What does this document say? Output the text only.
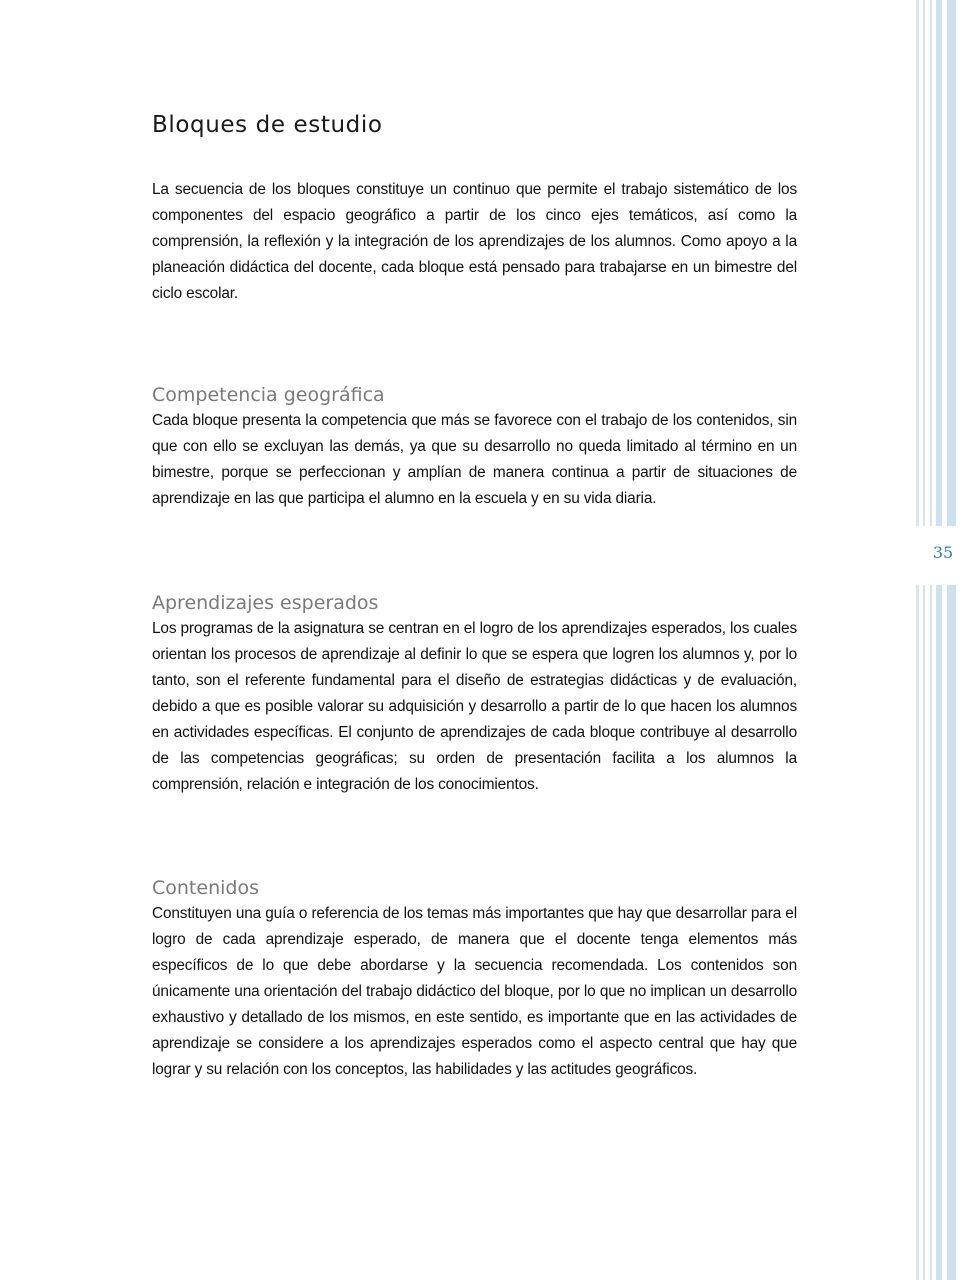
Bloques de estudio

La secuencia de los bloques constituye un continuo que permite el trabajo sistemático de los componentes del espacio geográfico a partir de los cinco ejes temáticos, así como la comprensión, la reflexión y la integración de los aprendizajes de los alumnos. Como apoyo a la planeación didáctica del docente, cada bloque está pensado para trabajarse en un bimestre del ciclo escolar.

Competencia geográfica

Cada bloque presenta la competencia que más se favorece con el trabajo de los contenidos, sin que con ello se excluyan las demás, ya que su desarrollo no queda limitado al término en un bimestre, porque se perfeccionan y amplían de manera continua a partir de situaciones de aprendizaje en las que participa el alumno en la escuela y en su vida diaria.

Aprendizajes esperados

Los programas de la asignatura se centran en el logro de los aprendizajes esperados, los cuales orientan los procesos de aprendizaje al definir lo que se espera que logren los alumnos y, por lo tanto, son el referente fundamental para el diseño de estrategias didácticas y de evaluación, debido a que es posible valorar su adquisición y desarrollo a partir de lo que hacen los alumnos en actividades específicas. El conjunto de aprendizajes de cada bloque contribuye al desarrollo de las competencias geográficas; su orden de presentación facilita a los alumnos la comprensión, relación e integración de los conocimientos.

Contenidos

Constituyen una guía o referencia de los temas más importantes que hay que desarrollar para el logro de cada aprendizaje esperado, de manera que el docente tenga elementos más específicos de lo que debe abordarse y la secuencia recomendada. Los contenidos son únicamente una orientación del trabajo didáctico del bloque, por lo que no implican un desarrollo exhaustivo y detallado de los mismos, en este sentido, es importante que en las actividades de aprendizaje se considere a los aprendizajes esperados como el aspecto central que hay que lograr y su relación con los conceptos, las habilidades y las actitudes geográficos.

35
